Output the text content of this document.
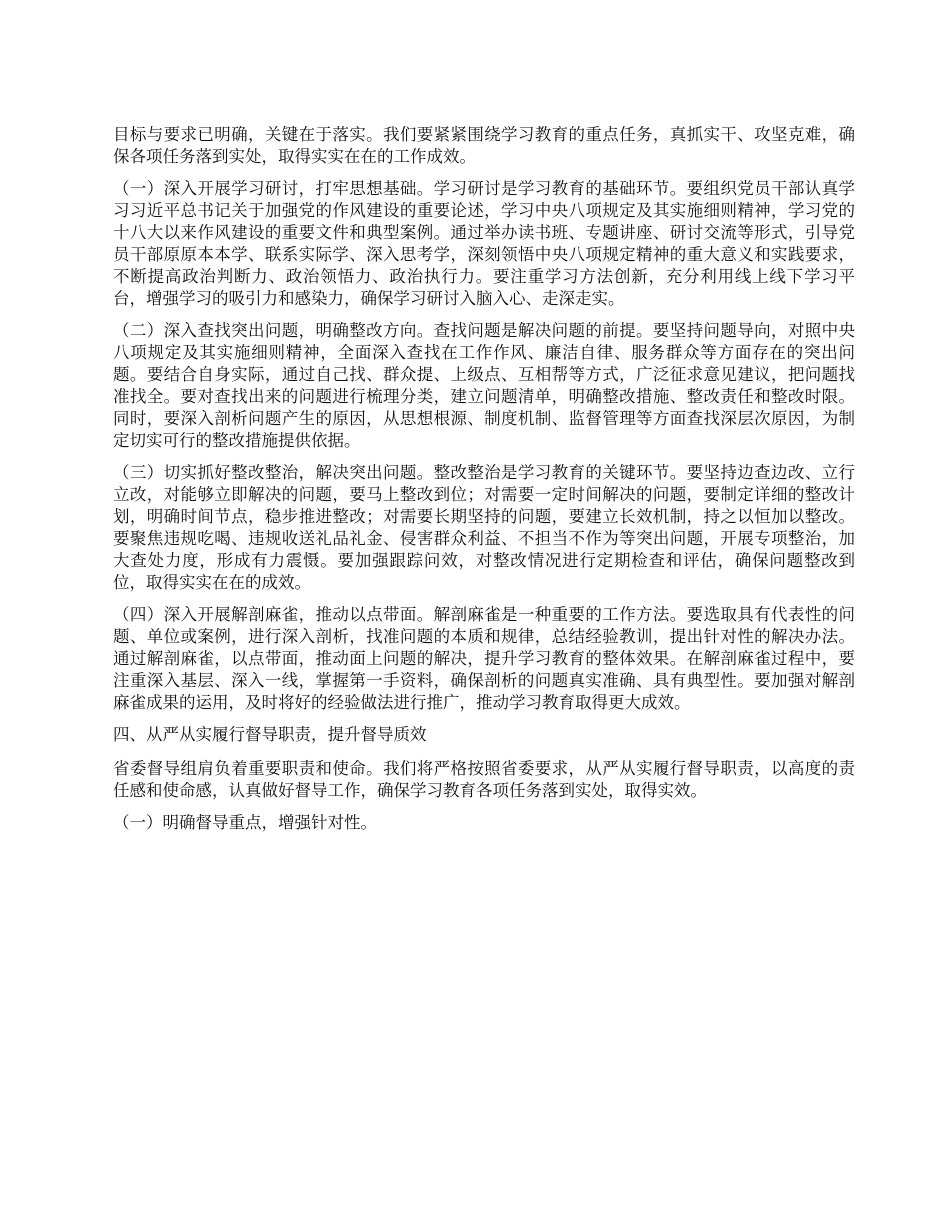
目标与要求已明确，关键在于落实。我们要紧紧围绕学习教育的重点任务，真抓实干、攻坚克难，确保各项任务落到实处，取得实实在在的工作成效。

（一）深入开展学习研讨，打牢思想基础。学习研讨是学习教育的基础环节。要组织党员干部认真学习习近平总书记关于加强党的作风建设的重要论述，学习中央八项规定及其实施细则精神，学习党的十八大以来作风建设的重要文件和典型案例。通过举办读书班、专题讲座、研讨交流等形式，引导党员干部原原本本学、联系实际学、深入思考学，深刻领悟中央八项规定精神的重大意义和实践要求，不断提高政治判断力、政治领悟力、政治执行力。要注重学习方法创新，充分利用线上线下学习平台，增强学习的吸引力和感染力，确保学习研讨入脑入心、走深走实。

（二）深入查找突出问题，明确整改方向。查找问题是解决问题的前提。要坚持问题导向，对照中央八项规定及其实施细则精神，全面深入查找在工作作风、廉洁自律、服务群众等方面存在的突出问题。要结合自身实际，通过自己找、群众提、上级点、互相帮等方式，广泛征求意见建议，把问题找准找全。要对查找出来的问题进行梳理分类，建立问题清单，明确整改措施、整改责任和整改时限。同时，要深入剖析问题产生的原因，从思想根源、制度机制、监督管理等方面查找深层次原因，为制定切实可行的整改措施提供依据。

（三）切实抓好整改整治，解决突出问题。整改整治是学习教育的关键环节。要坚持边查边改、立行立改，对能够立即解决的问题，要马上整改到位；对需要一定时间解决的问题，要制定详细的整改计划，明确时间节点，稳步推进整改；对需要长期坚持的问题，要建立长效机制，持之以恒加以整改。要聚焦违规吃喝、违规收送礼品礼金、侵害群众利益、不担当不作为等突出问题，开展专项整治，加大查处力度，形成有力震慑。要加强跟踪问效，对整改情况进行定期检查和评估，确保问题整改到位，取得实实在在的成效。

（四）深入开展解剖麻雀，推动以点带面。解剖麻雀是一种重要的工作方法。要选取具有代表性的问题、单位或案例，进行深入剖析，找准问题的本质和规律，总结经验教训，提出针对性的解决办法。通过解剖麻雀，以点带面，推动面上问题的解决，提升学习教育的整体效果。在解剖麻雀过程中，要注重深入基层、深入一线，掌握第一手资料，确保剖析的问题真实准确、具有典型性。要加强对解剖麻雀成果的运用，及时将好的经验做法进行推广，推动学习教育取得更大成效。

四、从严从实履行督导职责，提升督导质效

省委督导组肩负着重要职责和使命。我们将严格按照省委要求，从严从实履行督导职责，以高度的责任感和使命感，认真做好督导工作，确保学习教育各项任务落到实处，取得实效。

（一）明确督导重点，增强针对性。
